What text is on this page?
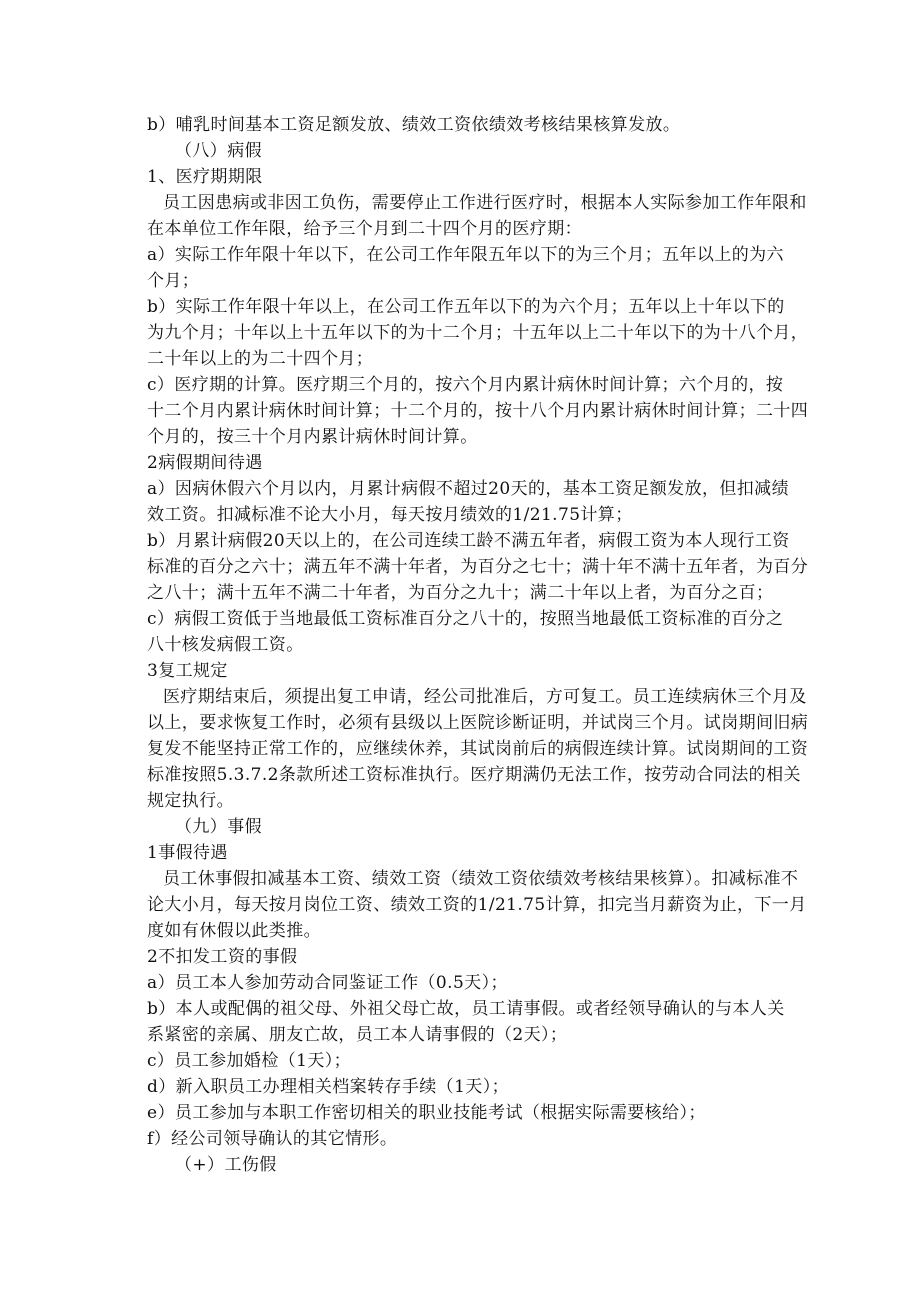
b）哺乳时间基本工资足额发放、绩效工资依绩效考核结果核算发放。
（八）病假
1、医疗期期限
员工因患病或非因工负伤，需要停止工作进行医疗时，根据本人实际参加工作年限和
在本单位工作年限，给予三个月到二十四个月的医疗期：
a）实际工作年限十年以下，在公司工作年限五年以下的为三个月；五年以上的为六
个月；
b）实际工作年限十年以上，在公司工作五年以下的为六个月；五年以上十年以下的
为九个月；十年以上十五年以下的为十二个月；十五年以上二十年以下的为十八个月，
二十年以上的为二十四个月；
c）医疗期的计算。医疗期三个月的，按六个月内累计病休时间计算；六个月的，按
十二个月内累计病休时间计算；十二个月的，按十八个月内累计病休时间计算；二十四
个月的，按三十个月内累计病休时间计算。
2病假期间待遇
a）因病休假六个月以内，月累计病假不超过20天的，基本工资足额发放，但扣减绩
效工资。扣减标准不论大小月，每天按月绩效的1/21.75计算；
b）月累计病假20天以上的，在公司连续工龄不满五年者，病假工资为本人现行工资
标准的百分之六十；满五年不满十年者，为百分之七十；满十年不满十五年者，为百分
之八十；满十五年不满二十年者，为百分之九十；满二十年以上者，为百分之百；
c）病假工资低于当地最低工资标准百分之八十的，按照当地最低工资标准的百分之
八十核发病假工资。
3复工规定
医疗期结束后，须提出复工申请，经公司批准后，方可复工。员工连续病休三个月及
以上，要求恢复工作时，必须有县级以上医院诊断证明，并试岗三个月。试岗期间旧病
复发不能坚持正常工作的，应继续休养，其试岗前后的病假连续计算。试岗期间的工资
标准按照5.3.7.2条款所述工资标准执行。医疗期满仍无法工作，按劳动合同法的相关
规定执行。
（九）事假
1事假待遇
员工休事假扣减基本工资、绩效工资（绩效工资依绩效考核结果核算）。扣减标准不
论大小月，每天按月岗位工资、绩效工资的1/21.75计算，扣完当月薪资为止，下一月
度如有休假以此类推。
2不扣发工资的事假
a）员工本人参加劳动合同鉴证工作（0.5天）；
b）本人或配偶的祖父母、外祖父母亡故，员工请事假。或者经领导确认的与本人关
系紧密的亲属、朋友亡故，员工本人请事假的（2天）；
c）员工参加婚检（1天）；
d）新入职员工办理相关档案转存手续（1天）；
e）员工参加与本职工作密切相关的职业技能考试（根据实际需要核给）；
f）经公司领导确认的其它情形。
（+）工伤假
